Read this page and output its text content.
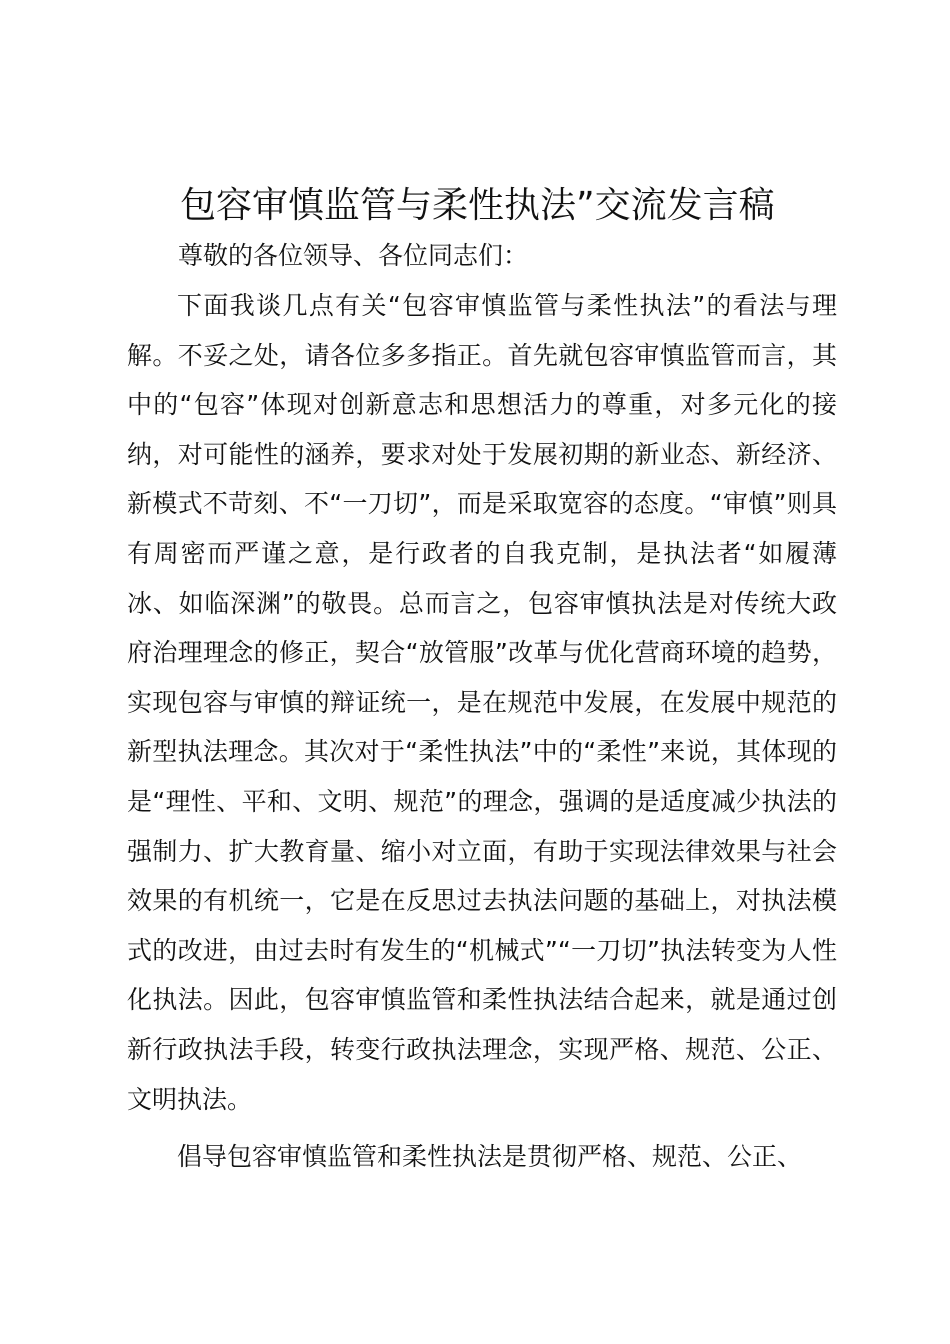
包容审慎监管与柔性执法”交流发言稿

尊敬的各位领导、各位同志们：

下面我谈几点有关“包容审慎监管与柔性执法”的看法与理解。不妥之处，请各位多多指正。首先就包容审慎监管而言，其中的“包容”体现对创新意志和思想活力的尊重，对多元化的接纳，对可能性的涵养，要求对处于发展初期的新业态、新经济、新模式不苛刻、不“一刀切”，而是采取宽容的态度。“审慎”则具有周密而严谨之意，是行政者的自我克制，是执法者“如履薄冰、如临深渊”的敬畏。总而言之，包容审慎执法是对传统大政府治理理念的修正，契合“放管服”改革与优化营商环境的趋势，实现包容与审慎的辩证统一，是在规范中发展，在发展中规范的新型执法理念。其次对于“柔性执法”中的“柔性”来说，其体现的是“理性、平和、文明、规范”的理念，强调的是适度减少执法的强制力、扩大教育量、缩小对立面，有助于实现法律效果与社会效果的有机统一，它是在反思过去执法问题的基础上，对执法模式的改进，由过去时有发生的“机械式”“一刀切”执法转变为人性化执法。因此，包容审慎监管和柔性执法结合起来，就是通过创新行政执法手段，转变行政执法理念，实现严格、规范、公正、文明执法。

倡导包容审慎监管和柔性执法是贯彻严格、规范、公正、
